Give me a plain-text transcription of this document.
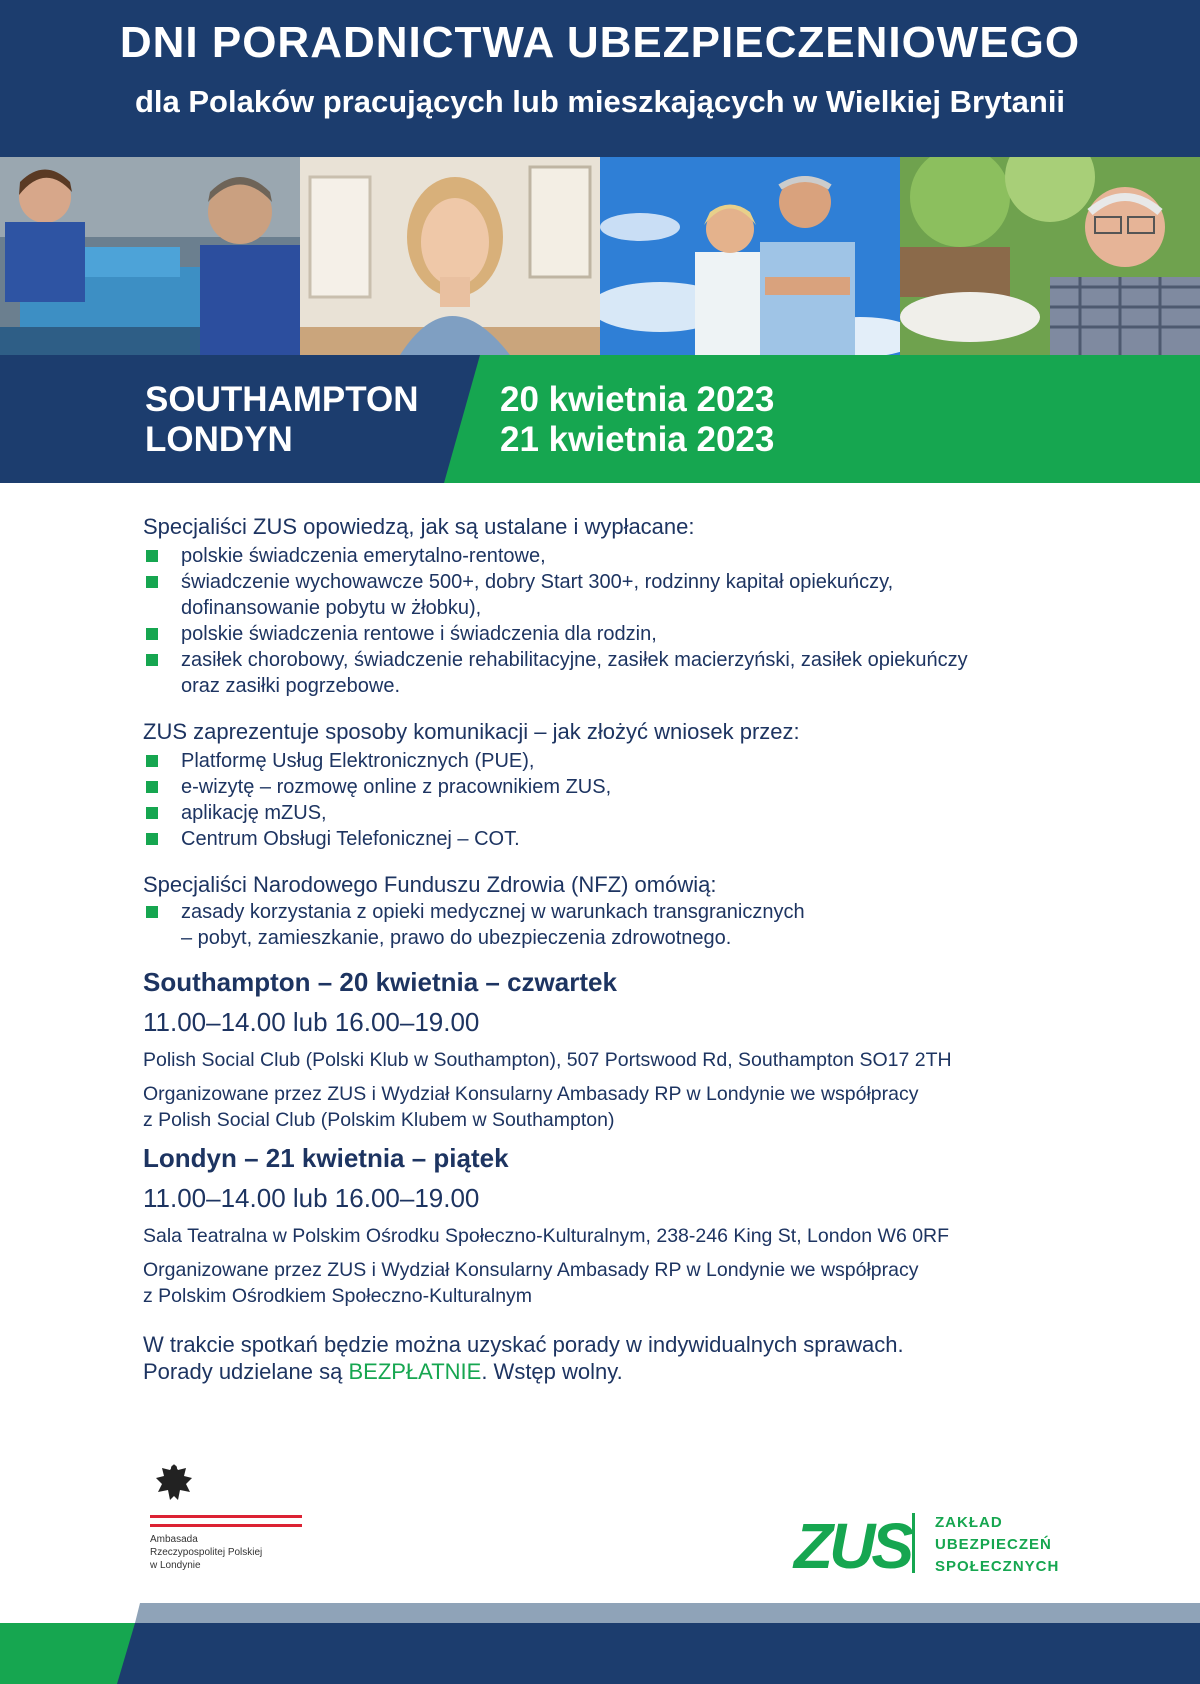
DNI PORADNICTWA UBEZPIECZENIOWEGO
dla Polaków pracujących lub mieszkających w Wielkiej Brytanii
SOUTHAMPTON
LONDYN
20 kwietnia 2023
21 kwietnia 2023

Specjaliści ZUS opowiedzą, jak są ustalane i wypłacane:

polskie świadczenia emerytalno-rentowe,
świadczenie wychowawcze 500+, dobry Start 300+, rodzinny kapitał opiekuńczy,
dofinansowanie pobytu w żłobku),
polskie świadczenia rentowe i świadczenia dla rodzin,
zasiłek chorobowy, świadczenie rehabilitacyjne, zasiłek macierzyński, zasiłek opiekuńczy
oraz zasiłki pogrzebowe.

ZUS zaprezentuje sposoby komunikacji – jak złożyć wniosek przez:

Platformę Usług Elektronicznych (PUE),
e-wizytę – rozmowę online z pracownikiem ZUS,
aplikację mZUS,
Centrum Obsługi Telefonicznej – COT.

Specjaliści Narodowego Funduszu Zdrowia (NFZ) omówią:

zasady korzystania z opieki medycznej w warunkach transgranicznych
– pobyt, zamieszkanie, prawo do ubezpieczenia zdrowotnego.

Southampton – 20 kwietnia – czwartek

11.00–14.00 lub 16.00–19.00

Polish Social Club (Polski Klub w Southampton), 507 Portswood Rd, Southampton SO17 2TH

Organizowane przez ZUS i Wydział Konsularny Ambasady RP w Londynie we współpracy
z Polish Social Club (Polskim Klubem w Southampton)

Londyn – 21 kwietnia – piątek

11.00–14.00 lub 16.00–19.00

Sala Teatralna w Polskim Ośrodku Społeczno-Kulturalnym, 238-246 King St, London W6 0RF

Organizowane przez ZUS i Wydział Konsularny Ambasady RP w Londynie we współpracy
z Polskim Ośrodkiem Społeczno-Kulturalnym

W trakcie spotkań będzie można uzyskać porady w indywidualnych sprawach.
Porady udzielane są BEZPŁATNIE. Wstęp wolny.

Ambasada
Rzeczypospolitej Polskiej
w Londynie	ZUS ZAKŁAD
UBEZPIECZEŃ
SPOŁECZNYCH
